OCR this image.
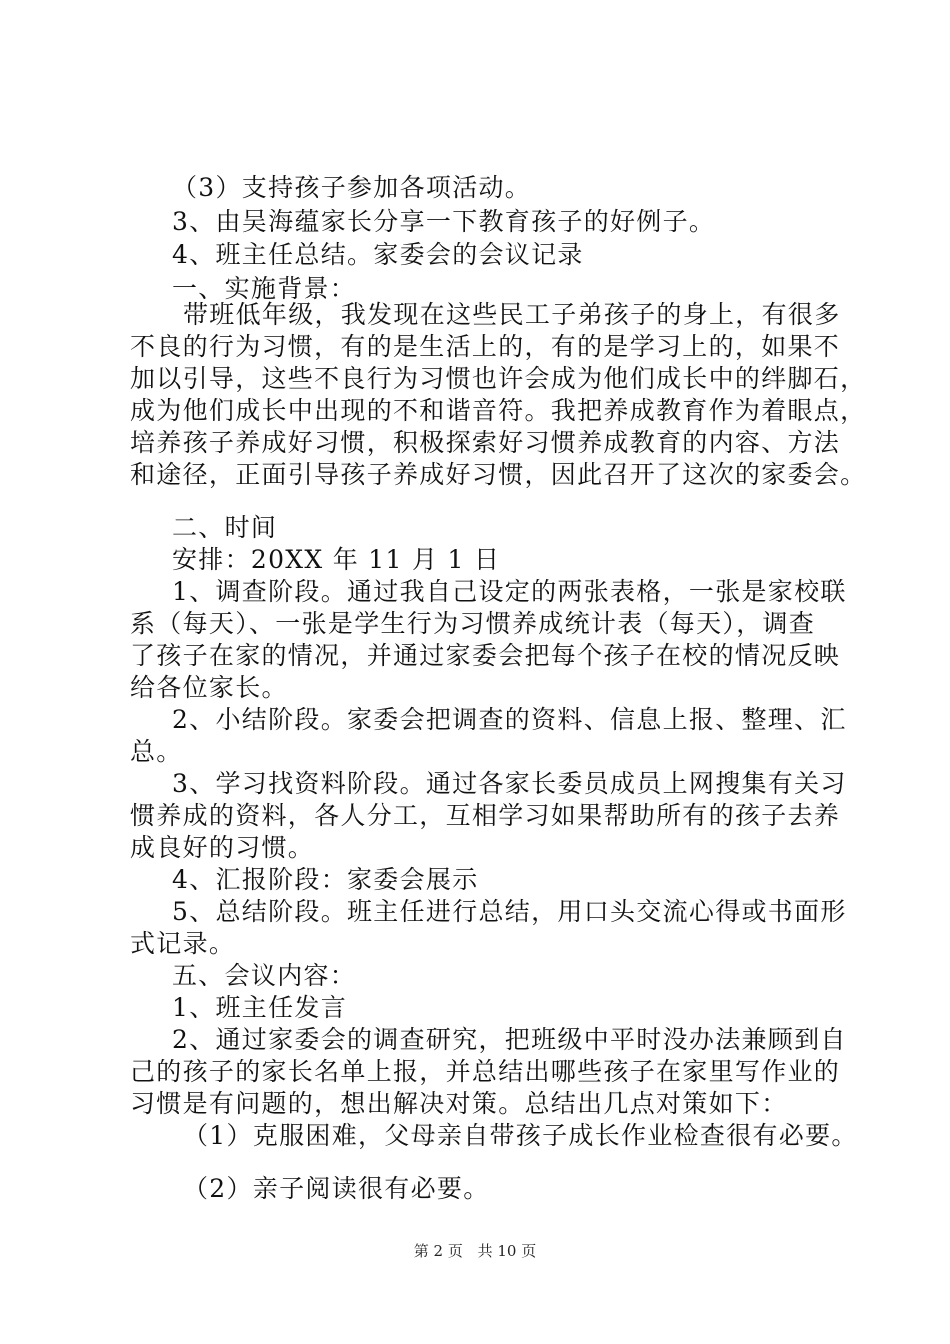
（3）支持孩子参加各项活动。
3、由吴海蕴家长分享一下教育孩子的好例子。
4、班主任总结。家委会的会议记录
一、实施背景：
带班低年级，我发现在这些民工子弟孩子的身上，有很多
不良的行为习惯，有的是生活上的，有的是学习上的，如果不
加以引导，这些不良行为习惯也许会成为他们成长中的绊脚石，
成为他们成长中出现的不和谐音符。我把养成教育作为着眼点，
培养孩子养成好习惯，积极探索好习惯养成教育的内容、方法
和途径，正面引导孩子养成好习惯，因此召开了这次的家委会。
二、时间
安排：20XX 年 11 月 1 日
1、调查阶段。通过我自己设定的两张表格，一张是家校联
系（每天）、一张是学生行为习惯养成统计表（每天），调查
了孩子在家的情况，并通过家委会把每个孩子在校的情况反映
给各位家长。
2、小结阶段。家委会把调查的资料、信息上报、整理、汇
总。
3、学习找资料阶段。通过各家长委员成员上网搜集有关习
惯养成的资料，各人分工，互相学习如果帮助所有的孩子去养
成良好的习惯。
4、汇报阶段：家委会展示
5、总结阶段。班主任进行总结，用口头交流心得或书面形
式记录。
五、会议内容：
1、班主任发言
2、通过家委会的调查研究，把班级中平时没办法兼顾到自
己的孩子的家长名单上报，并总结出哪些孩子在家里写作业的
习惯是有问题的，想出解决对策。总结出几点对策如下：
（1）克服困难，父母亲自带孩子成长作业检查很有必要。
（2）亲子阅读很有必要。
第 2 页 共 10 页
